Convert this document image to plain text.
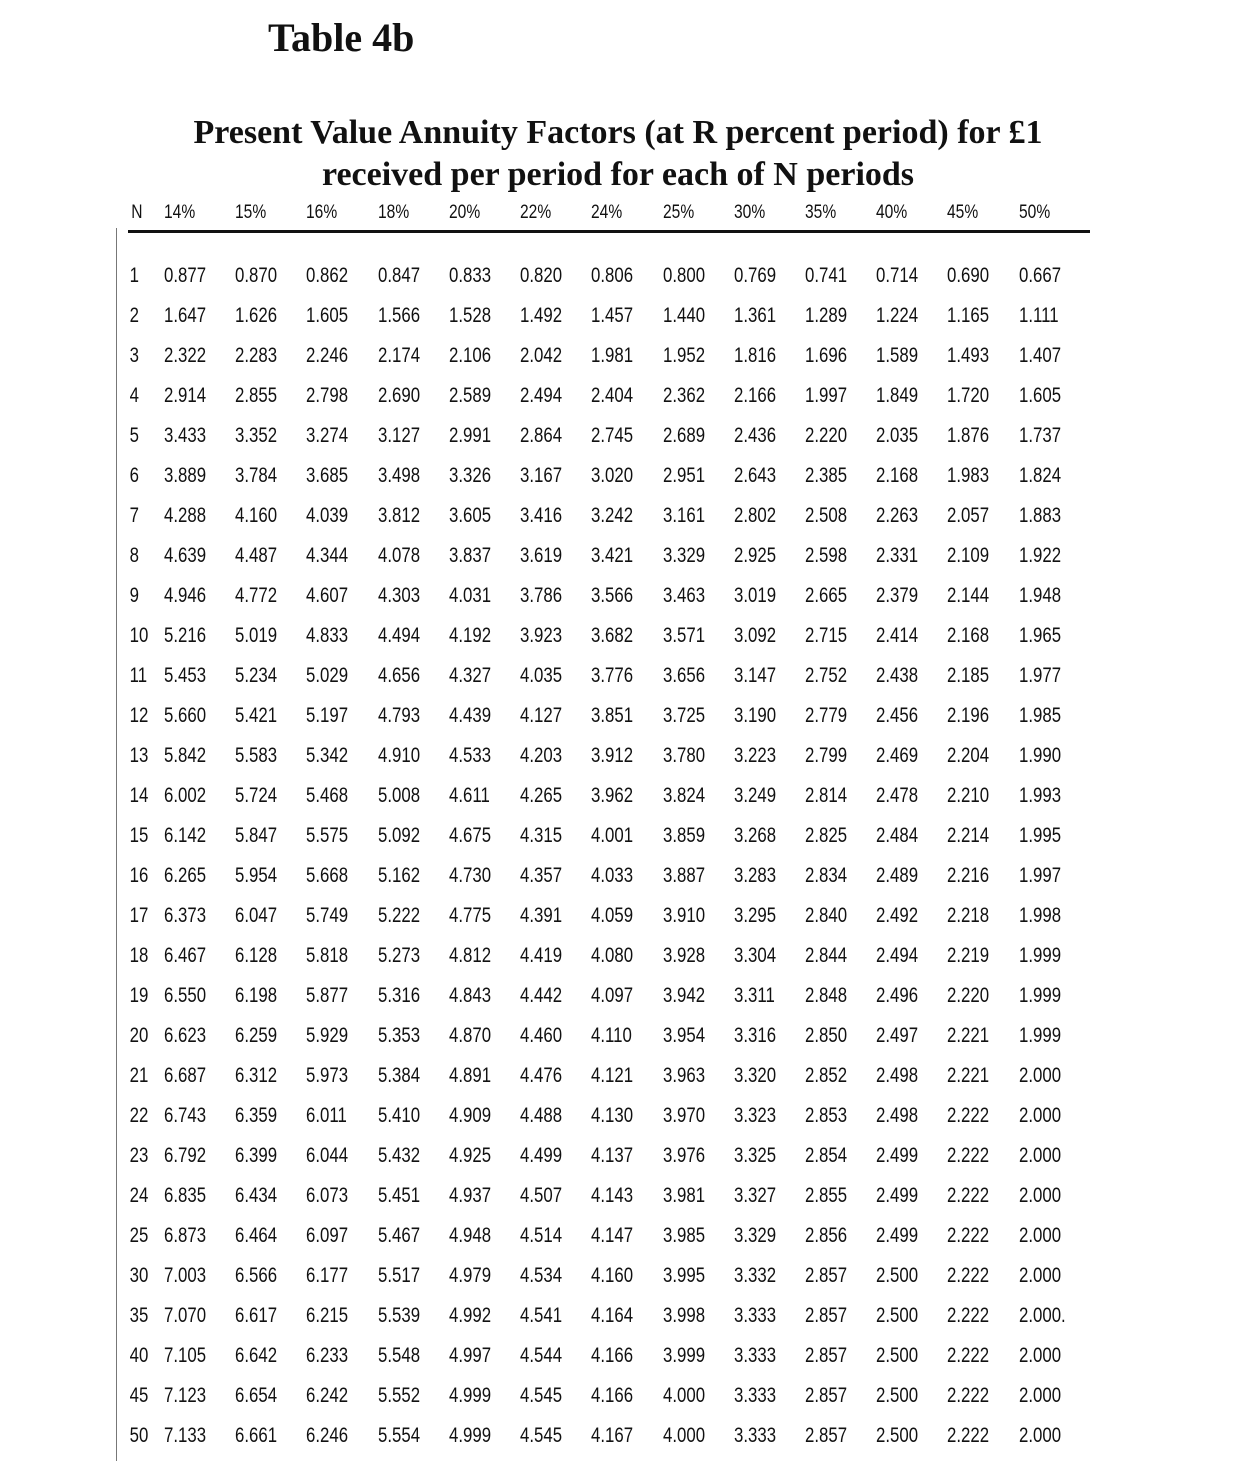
Table 4b
Present Value Annuity Factors (at R percent period) for £1
received per period for each of N periods
N	14%	15%	16%	18%	20%	22%	24%	25%	30%	35%	40%	45%	50%

1	0.877	0.870	0.862	0.847	0.833	0.820	0.806	0.800	0.769	0.741	0.714	0.690	0.667
2	1.647	1.626	1.605	1.566	1.528	1.492	1.457	1.440	1.361	1.289	1.224	1.165	1.111
3	2.322	2.283	2.246	2.174	2.106	2.042	1.981	1.952	1.816	1.696	1.589	1.493	1.407
4	2.914	2.855	2.798	2.690	2.589	2.494	2.404	2.362	2.166	1.997	1.849	1.720	1.605
5	3.433	3.352	3.274	3.127	2.991	2.864	2.745	2.689	2.436	2.220	2.035	1.876	1.737
6	3.889	3.784	3.685	3.498	3.326	3.167	3.020	2.951	2.643	2.385	2.168	1.983	1.824
7	4.288	4.160	4.039	3.812	3.605	3.416	3.242	3.161	2.802	2.508	2.263	2.057	1.883
8	4.639	4.487	4.344	4.078	3.837	3.619	3.421	3.329	2.925	2.598	2.331	2.109	1.922
9	4.946	4.772	4.607	4.303	4.031	3.786	3.566	3.463	3.019	2.665	2.379	2.144	1.948
10	5.216	5.019	4.833	4.494	4.192	3.923	3.682	3.571	3.092	2.715	2.414	2.168	1.965
11	5.453	5.234	5.029	4.656	4.327	4.035	3.776	3.656	3.147	2.752	2.438	2.185	1.977
12	5.660	5.421	5.197	4.793	4.439	4.127	3.851	3.725	3.190	2.779	2.456	2.196	1.985
13	5.842	5.583	5.342	4.910	4.533	4.203	3.912	3.780	3.223	2.799	2.469	2.204	1.990
14	6.002	5.724	5.468	5.008	4.611	4.265	3.962	3.824	3.249	2.814	2.478	2.210	1.993
15	6.142	5.847	5.575	5.092	4.675	4.315	4.001	3.859	3.268	2.825	2.484	2.214	1.995
16	6.265	5.954	5.668	5.162	4.730	4.357	4.033	3.887	3.283	2.834	2.489	2.216	1.997
17	6.373	6.047	5.749	5.222	4.775	4.391	4.059	3.910	3.295	2.840	2.492	2.218	1.998
18	6.467	6.128	5.818	5.273	4.812	4.419	4.080	3.928	3.304	2.844	2.494	2.219	1.999
19	6.550	6.198	5.877	5.316	4.843	4.442	4.097	3.942	3.311	2.848	2.496	2.220	1.999
20	6.623	6.259	5.929	5.353	4.870	4.460	4.110	3.954	3.316	2.850	2.497	2.221	1.999
21	6.687	6.312	5.973	5.384	4.891	4.476	4.121	3.963	3.320	2.852	2.498	2.221	2.000
22	6.743	6.359	6.011	5.410	4.909	4.488	4.130	3.970	3.323	2.853	2.498	2.222	2.000
23	6.792	6.399	6.044	5.432	4.925	4.499	4.137	3.976	3.325	2.854	2.499	2.222	2.000
24	6.835	6.434	6.073	5.451	4.937	4.507	4.143	3.981	3.327	2.855	2.499	2.222	2.000
25	6.873	6.464	6.097	5.467	4.948	4.514	4.147	3.985	3.329	2.856	2.499	2.222	2.000
30	7.003	6.566	6.177	5.517	4.979	4.534	4.160	3.995	3.332	2.857	2.500	2.222	2.000
35	7.070	6.617	6.215	5.539	4.992	4.541	4.164	3.998	3.333	2.857	2.500	2.222	2.000.
40	7.105	6.642	6.233	5.548	4.997	4.544	4.166	3.999	3.333	2.857	2.500	2.222	2.000
45	7.123	6.654	6.242	5.552	4.999	4.545	4.166	4.000	3.333	2.857	2.500	2.222	2.000
50	7.133	6.661	6.246	5.554	4.999	4.545	4.167	4.000	3.333	2.857	2.500	2.222	2.000
